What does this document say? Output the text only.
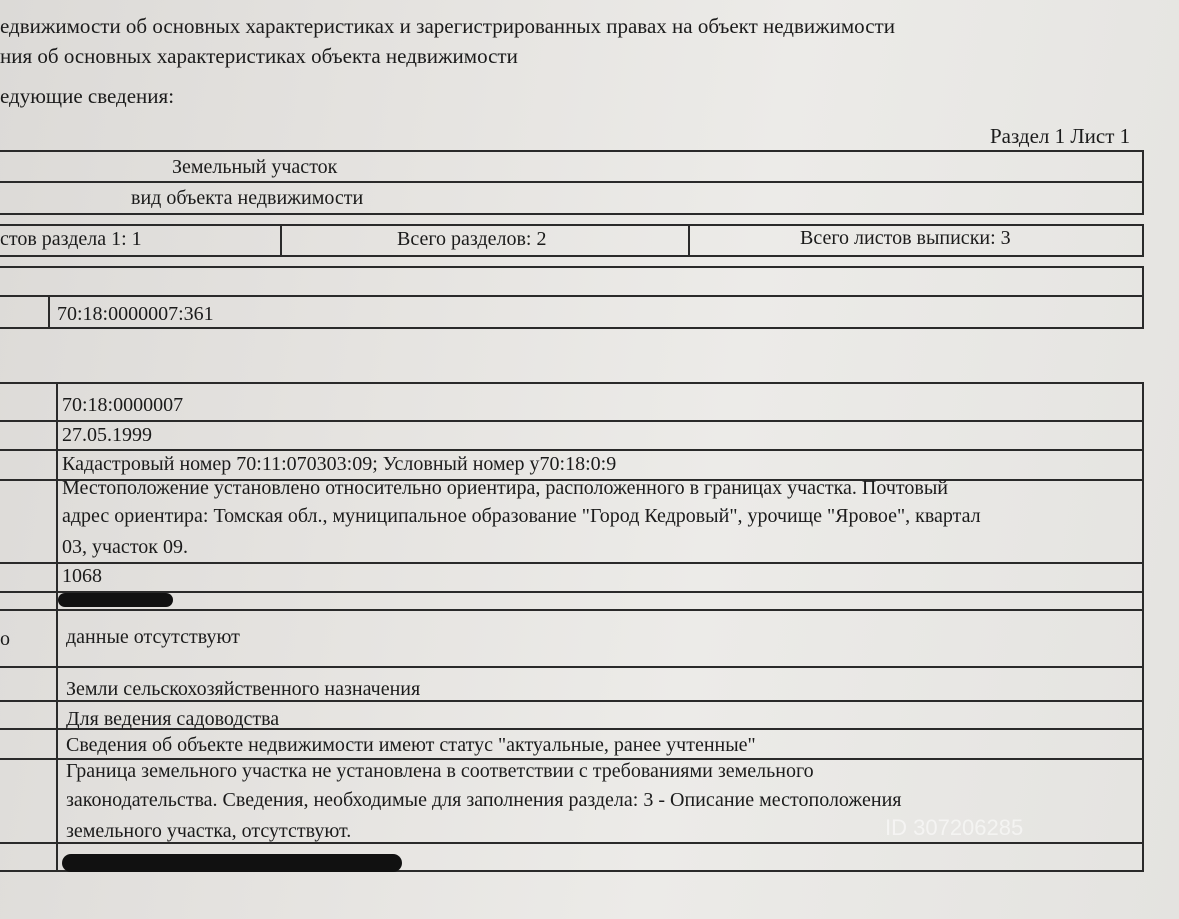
едвижимости об основных характеристиках и зарегистрированных правах на объект недвижимости
ния об основных характеристиках объекта недвижимости
едующие сведения:
Раздел 1 Лист 1
Земельный участок
вид объекта недвижимости
стов раздела 1: 1	Всего разделов: 2	Всего листов выписки: 3
70:18:0000007:361
70:18:0000007
27.05.1999
Кадастровый номер 70:11:070303:09; Условный номер у70:18:0:9
Местоположение установлено относительно ориентира, расположенного в границах участка. Почтовый
адрес ориентира: Томская обл., муниципальное образование "Город Кедровый", урочище "Яровое", квартал
03, участок 09.
1068
о	данные отсутствуют
Земли сельскохозяйственного назначения
Для ведения садоводства
Сведения об объекте недвижимости имеют статус "актуальные, ранее учтенные"
Граница земельного участка не установлена в соответствии с требованиями земельного
законодательства. Сведения, необходимые для заполнения раздела: 3 - Описание местоположения
земельного участка, отсутствуют.	ID 307206285
